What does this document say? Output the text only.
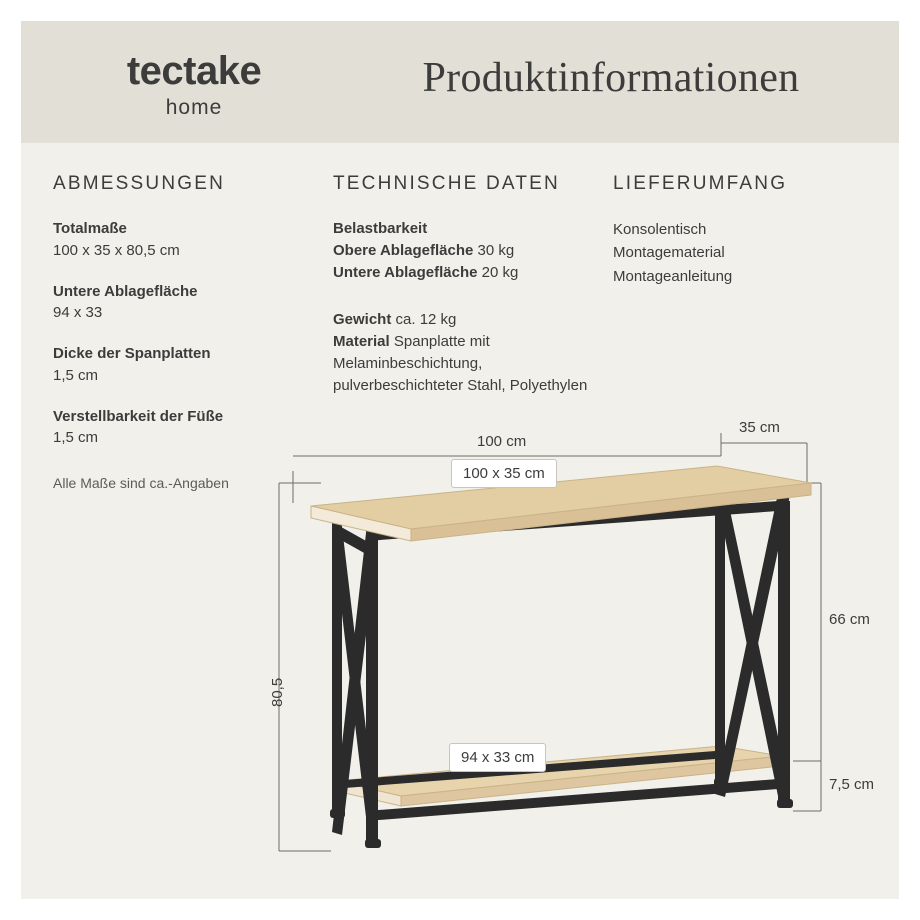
tectake
home
Produktinformationen
ABMESSUNGEN
Totalmaße
100 x 35 x 80,5 cm
Untere Ablagefläche
94 x 33
Dicke der Spanplatten
1,5 cm
Verstellbarkeit der Füße
1,5 cm
Alle Maße sind ca.-Angaben
TECHNISCHE DATEN
Belastbarkeit
Obere Ablagefläche 30 kg
Untere Ablagefläche 20 kg
Gewicht ca. 12 kg
Material Spanplatte mit Melaminbeschichtung, pulverbeschichteter Stahl, Polyethylen
LIEFERUMFANG
Konsolentisch
Montagematerial
Montageanleitung
100 cm
35 cm
100 x 35 cm
94 x 33 cm
80,5
66 cm
7,5 cm
